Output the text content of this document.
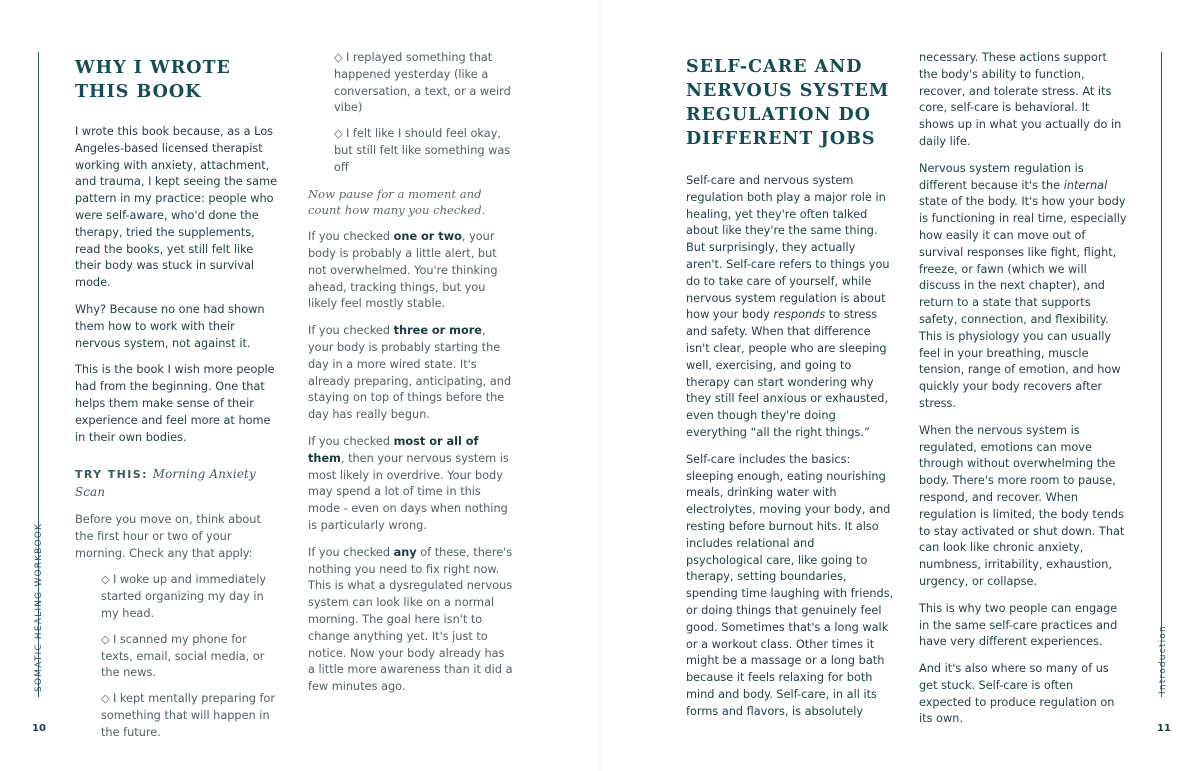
SOMATIC HEALING WORKBOOK
10
WHY I WROTE THIS BOOK

I wrote this book because, as a Los Angeles-based licensed therapist working with anxiety, attachment, and trauma, I kept seeing the same pattern in my practice: people who were self-aware, who'd done the therapy, tried the supplements, read the books, yet still felt like their body was stuck in survival mode.

Why? Because no one had shown them how to work with their nervous system, not against it.

This is the book I wish more people had from the beginning. One that helps them make sense of their experience and feel more at home in their own bodies.

TRY THIS: Morning Anxiety Scan

Before you move on, think about the first hour or two of your morning. Check any that apply:

◇ I woke up and immediately started organizing my day in my head.
◇ I scanned my phone for texts, email, social media, or the news.
◇ I kept mentally preparing for something that will happen in the future.
◇ I replayed something that happened yesterday (like a conversation, a text, or a weird vibe)
◇ I felt like I should feel okay, but still felt like something was off

Now pause for a moment and count how many you checked.

If you checked one or two, your body is probably a little alert, but not overwhelmed. You're thinking ahead, tracking things, but you likely feel mostly stable.

If you checked three or more, your body is probably starting the day in a more wired state. It's already preparing, anticipating, and staying on top of things before the day has really begun.

If you checked most or all of them, then your nervous system is most likely in overdrive. Your body may spend a lot of time in this mode - even on days when nothing is particularly wrong.

If you checked any of these, there's nothing you need to fix right now. This is what a dysregulated nervous system can look like on a normal morning. The goal here isn't to change anything yet. It's just to notice. Now your body already has a little more awareness than it did a few minutes ago.	Introduction
11
SELF-CARE AND NERVOUS SYSTEM REGULATION DO DIFFERENT JOBS

Self-care and nervous system regulation both play a major role in healing, yet they're often talked about like they're the same thing. But surprisingly, they actually aren't. Self-care refers to things you do to take care of yourself, while nervous system regulation is about how your body responds to stress and safety. When that difference isn't clear, people who are sleeping well, exercising, and going to therapy can start wondering why they still feel anxious or exhausted, even though they're doing everything “all the right things.”

Self-care includes the basics: sleeping enough, eating nourishing meals, drinking water with electrolytes, moving your body, and resting before burnout hits. It also includes relational and psychological care, like going to therapy, setting boundaries, spending time laughing with friends, or doing things that genuinely feel good. Sometimes that's a long walk or a workout class. Other times it might be a massage or a long bath because it feels relaxing for both mind and body. Self-care, in all its forms and flavors, is absolutely

necessary. These actions support the body's ability to function, recover, and tolerate stress. At its core, self-care is behavioral. It shows up in what you actually do in daily life.

Nervous system regulation is different because it's the internal state of the body. It's how your body is functioning in real time, especially how easily it can move out of survival responses like fight, flight, freeze, or fawn (which we will discuss in the next chapter), and return to a state that supports safety, connection, and flexibility. This is physiology you can usually feel in your breathing, muscle tension, range of emotion, and how quickly your body recovers after stress.

When the nervous system is regulated, emotions can move through without overwhelming the body. There's more room to pause, respond, and recover. When regulation is limited, the body tends to stay activated or shut down. That can look like chronic anxiety, numbness, irritability, exhaustion, urgency, or collapse.

This is why two people can engage in the same self-care practices and have very different experiences.

And it's also where so many of us get stuck. Self-care is often expected to produce regulation on its own.
